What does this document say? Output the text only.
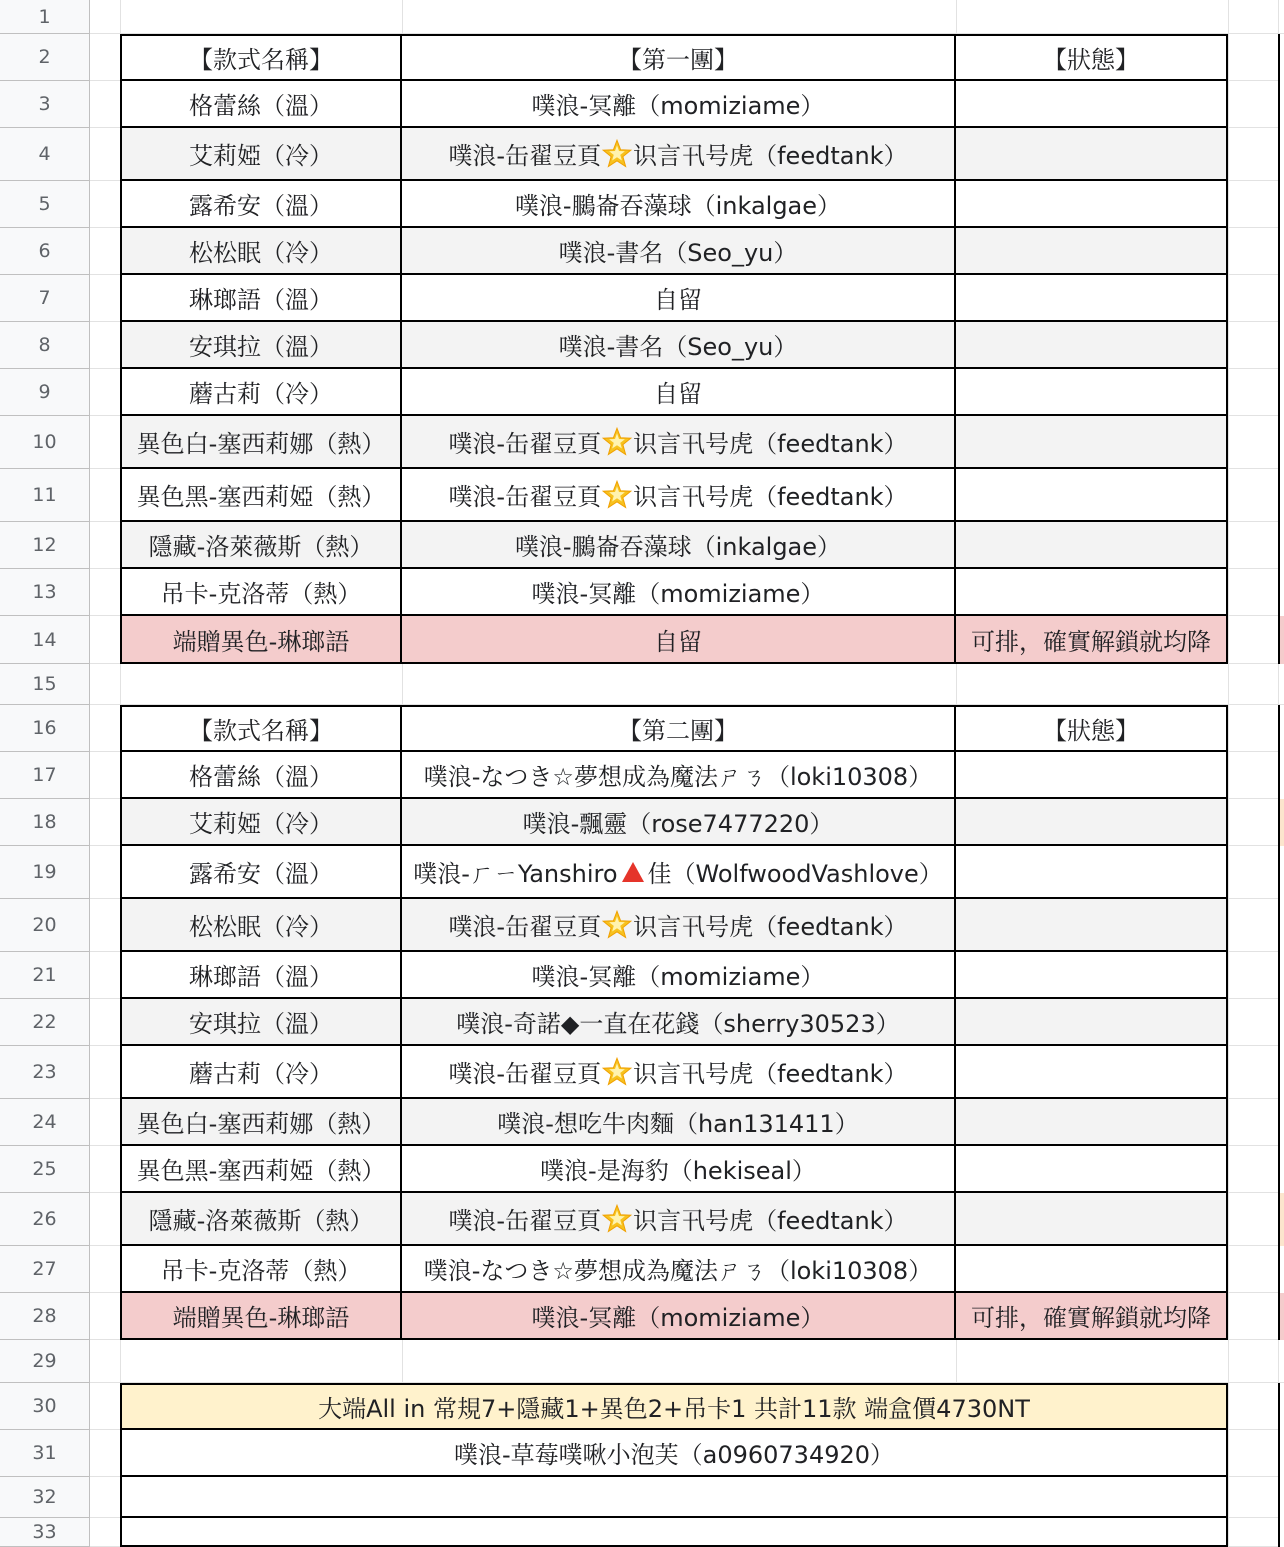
1
2
3
4
5
6
7
8
9
10
11
12
13
14
15
16
17
18
19
20
21
22
23
24
25
26
27
28
29
30
31
32
33
【款式名稱】	【第一團】	【狀態】
格蕾絲（溫）	噗浪-冥離（momiziame）
艾莉婭（冷）	噗浪-缶翟豆頁 识言卂号虎（feedtank）
露希安（溫）	噗浪-鵩崙吞藻球（inkalgae）
松松眠（冷）	噗浪-書名（Seo_yu）
琳瑯語（溫）	自留
安琪拉（溫）	噗浪-書名（Seo_yu）
蘑古莉（冷）	自留
異色白-塞西莉娜（熱）	噗浪-缶翟豆頁 识言卂号虎（feedtank）
異色黑-塞西莉婭（熱）	噗浪-缶翟豆頁 识言卂号虎（feedtank）
隱藏-洛萊薇斯（熱）	噗浪-鵩崙吞藻球（inkalgae）
吊卡-克洛蒂（熱）	噗浪-冥離（momiziame）
端贈異色-琳瑯語	自留	可排，確實解鎖就均降
【款式名稱】	【第二團】	【狀態】
格蕾絲（溫）	噗浪-なつき☆夢想成為魔法ㄕㄋ（loki10308）
艾莉婭（冷）	噗浪-飄靈（rose7477220）
露希安（溫）	噗浪-ㄏㄧYanshiro 佳（WolfwoodVashlove）
松松眠（冷）	噗浪-缶翟豆頁 识言卂号虎（feedtank）
琳瑯語（溫）	噗浪-冥離（momiziame）
安琪拉（溫）	噗浪-奇諾◆一直在花錢（sherry30523）
蘑古莉（冷）	噗浪-缶翟豆頁 识言卂号虎（feedtank）
異色白-塞西莉娜（熱）	噗浪-想吃牛肉麵（han131411）
異色黑-塞西莉婭（熱）	噗浪-是海豹（hekiseal）
隱藏-洛萊薇斯（熱）	噗浪-缶翟豆頁 识言卂号虎（feedtank）
吊卡-克洛蒂（熱）	噗浪-なつき☆夢想成為魔法ㄕㄋ（loki10308）
端贈異色-琳瑯語	噗浪-冥離（momiziame）	可排，確實解鎖就均降
大端All in 常規7+隱藏1+異色2+吊卡1 共計11款 端盒價4730NT
噗浪-草莓噗啾小泡芙（a0960734920）
